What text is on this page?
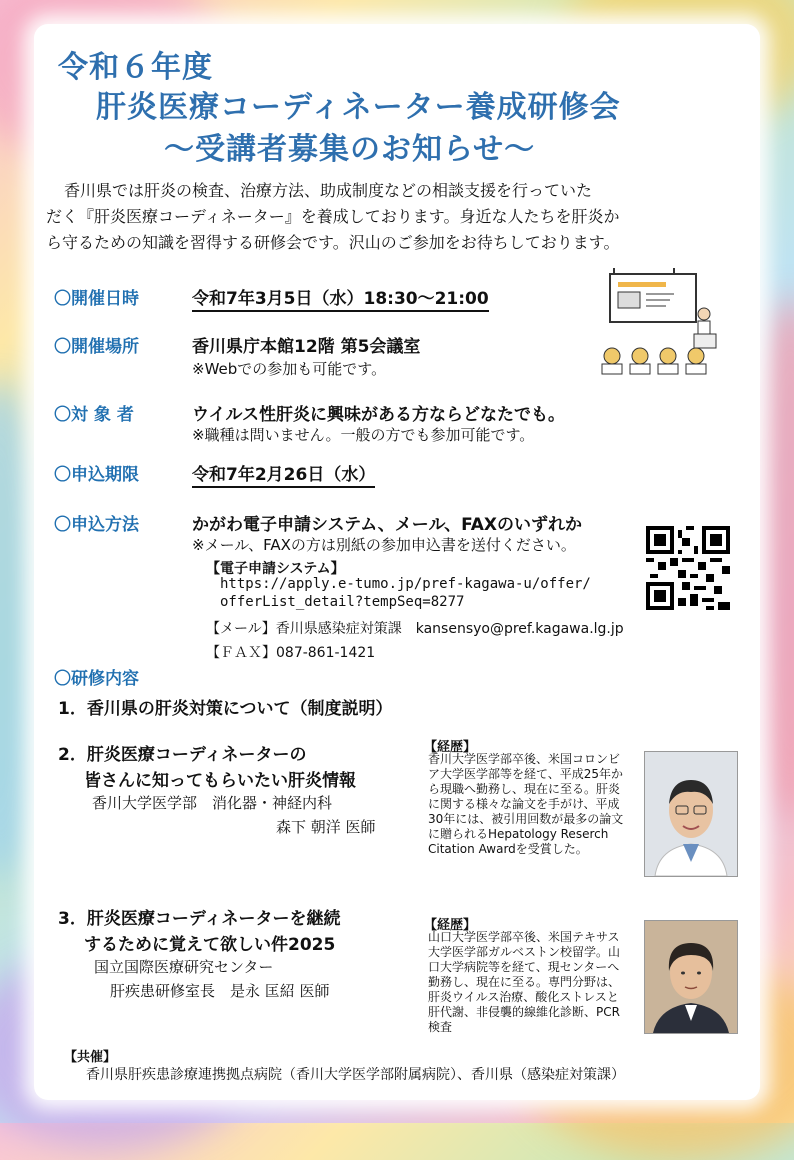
令和６年度
肝炎医療コーディネーター養成研修会
～受講者募集のお知らせ～
香川県では肝炎の検査、治療方法、助成制度などの相談支援を行っていた
だく『肝炎医療コーディネーター』を養成しております。身近な人たちを肝炎か
ら守るための知識を習得する研修会です。沢山のご参加をお待ちしております。
〇開催日時	令和7年3月5日（水）18:30～21:00
〇開催場所	香川県庁本館12階 第5会議室
※Webでの参加も可能です。
〇対 象 者	ウイルス性肝炎に興味がある方ならどなたでも。
※職種は問いません。一般の方でも参加可能です。
〇申込期限	令和7年2月26日（水）
〇申込方法	かがわ電子申請システム、メール、FAXのいずれか
※メール、FAXの方は別紙の参加申込書を送付ください。
【電子申請システム】
https://apply.e-tumo.jp/pref-kagawa-u/offer/
offerList_detail?tempSeq=8277
【メール】香川県感染症対策課　kansensyo@pref.kagawa.lg.jp
【ＦＡＸ】087-861-1421
〇研修内容
1．香川県の肝炎対策について（制度説明）
2．肝炎医療コーディネーターの
皆さんに知ってもらいたい肝炎情報
香川大学医学部　消化器・神経内科
森下 朝洋 医師
【経歴】
香川大学医学部卒後、米国コロンビア大学医学部等を経て、平成25年から現職へ勤務し、現在に至る。肝炎に関する様々な論文を手がけ、平成30年には、被引用回数が最多の論文に贈られるHepatology Reserch Citation Awardを受賞した。
3．肝炎医療コーディネーターを継続
するために覚えて欲しい件2025
国立国際医療研究センター
肝疾患研修室長　是永 匡紹 医師
【経歴】
山口大学医学部卒後、米国テキサス大学医学部ガルベストン校留学。山口大学病院等を経て、現センターへ勤務し、現在に至る。専門分野は、肝炎ウイルス治療、酸化ストレスと肝代謝、非侵襲的線維化診断、PCR検査
【共催】
香川県肝疾患診療連携拠点病院（香川大学医学部附属病院）、香川県（感染症対策課）
